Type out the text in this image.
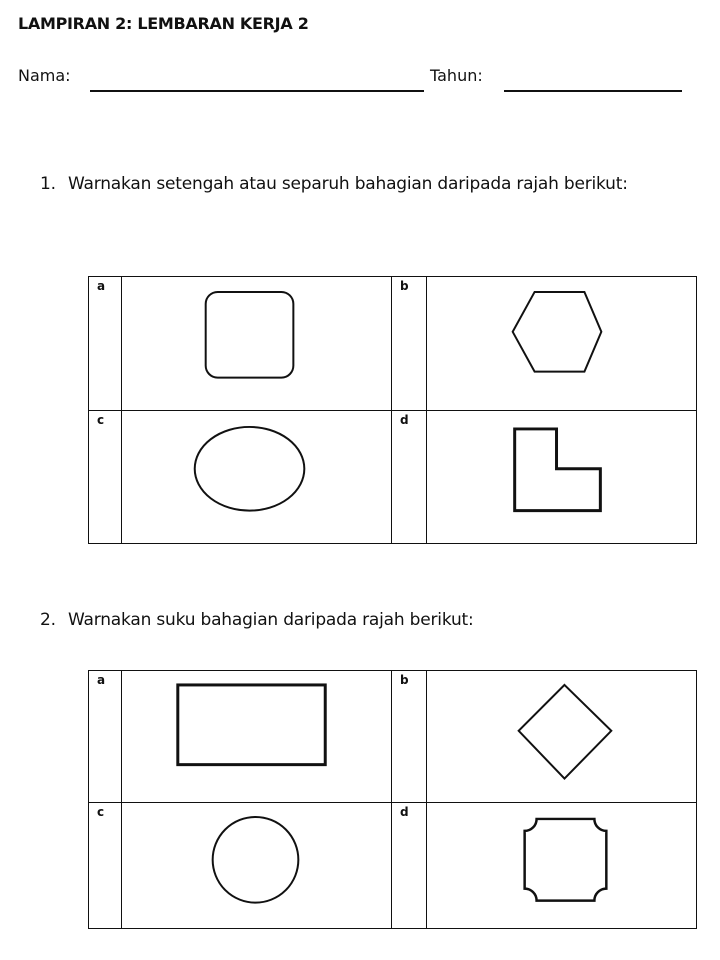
LAMPIRAN 2: LEMBARAN KERJA 2
Nama:	Tahun:
1. Warnakan setengah atau separuh bahagian daripada rajah berikut:
a		b

c		d

2. Warnakan suku bahagian daripada rajah berikut:
a		b

c		d
